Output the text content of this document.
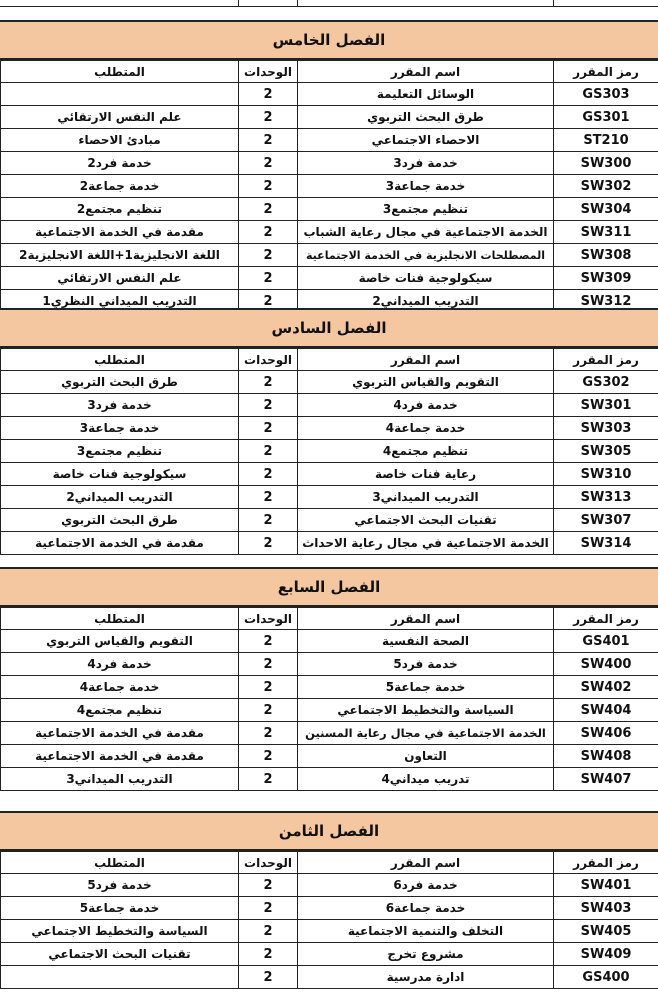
الفصل الخامس
المتطلب	الوحدات	اسم المقرر	رمز المقرر
	2	الوسائل التعليمة	GS303
علم النفس الارتقائي	2	طرق البحث التربوي	GS301
مبادئ الاحصاء	2	الاحصاء الاجتماعي	ST210
خدمة فرد2	2	خدمة فرد3	SW300
خدمة جماعة2	2	خدمة جماعة3	SW302
تنظيم مجتمع2	2	تنظيم مجتمع3	SW304
مقدمة في الخدمة الاجتماعية	2	الخدمة الاجتماعية في مجال رعاية الشباب	SW311
اللغة الانجليزية1+اللغة الانجليزية2	2	المصطلحات الانجليزية في الخدمة الاجتماعية	SW308
علم النفس الارتقائي	2	سيكولوجية فنات خاصة	SW309
التدريب الميداني النظري1	2	التدريب الميداني2	SW312
الفصل السادس
المتطلب	الوحدات	اسم المقرر	رمز المقرر
طرق البحث التربوي	2	التقويم والقياس التربوي	GS302
خدمة فرد3	2	خدمة فرد4	SW301
خدمة جماعة3	2	خدمة جماعة4	SW303
تنظيم مجتمع3	2	تنظيم مجتمع4	SW305
سيكولوجية فنات خاصة	2	رعاية فنات خاصة	SW310
التدريب الميداني2	2	التدريب الميداني3	SW313
طرق البحث التربوي	2	تقنيات البحث الاجتماعي	SW307
مقدمة في الخدمة الاجتماعية	2	الخدمة الاجتماعية في مجال رعاية الاحداث	SW314
الفصل السابع
المتطلب	الوحدات	اسم المقرر	رمز المقرر
التقويم والقياس التربوي	2	الصحة النفسية	GS401
خدمة فرد4	2	خدمة فرد5	SW400
خدمة جماعة4	2	خدمة جماعة5	SW402
تنظيم مجتمع4	2	السياسة والتخطيط الاجتماعي	SW404
مقدمة في الخدمة الاجتماعية	2	الخدمة الاجتماعية في مجال رعاية المسنين	SW406
مقدمة في الخدمة الاجتماعية	2	التعاون	SW408
التدريب الميداني3	2	تدريب ميداني4	SW407
الفصل الثامن
المتطلب	الوحدات	اسم المقرر	رمز المقرر
خدمة فرد5	2	خدمة فرد6	SW401
خدمة جماعة5	2	خدمة جماعة6	SW403
السياسة والتخطيط الاجتماعي	2	التخلف والتنمية الاجتماعية	SW405
تقنيات البحث الاجتماعي	2	مشروع تخرج	SW409
	2	ادارة مدرسية	GS400
